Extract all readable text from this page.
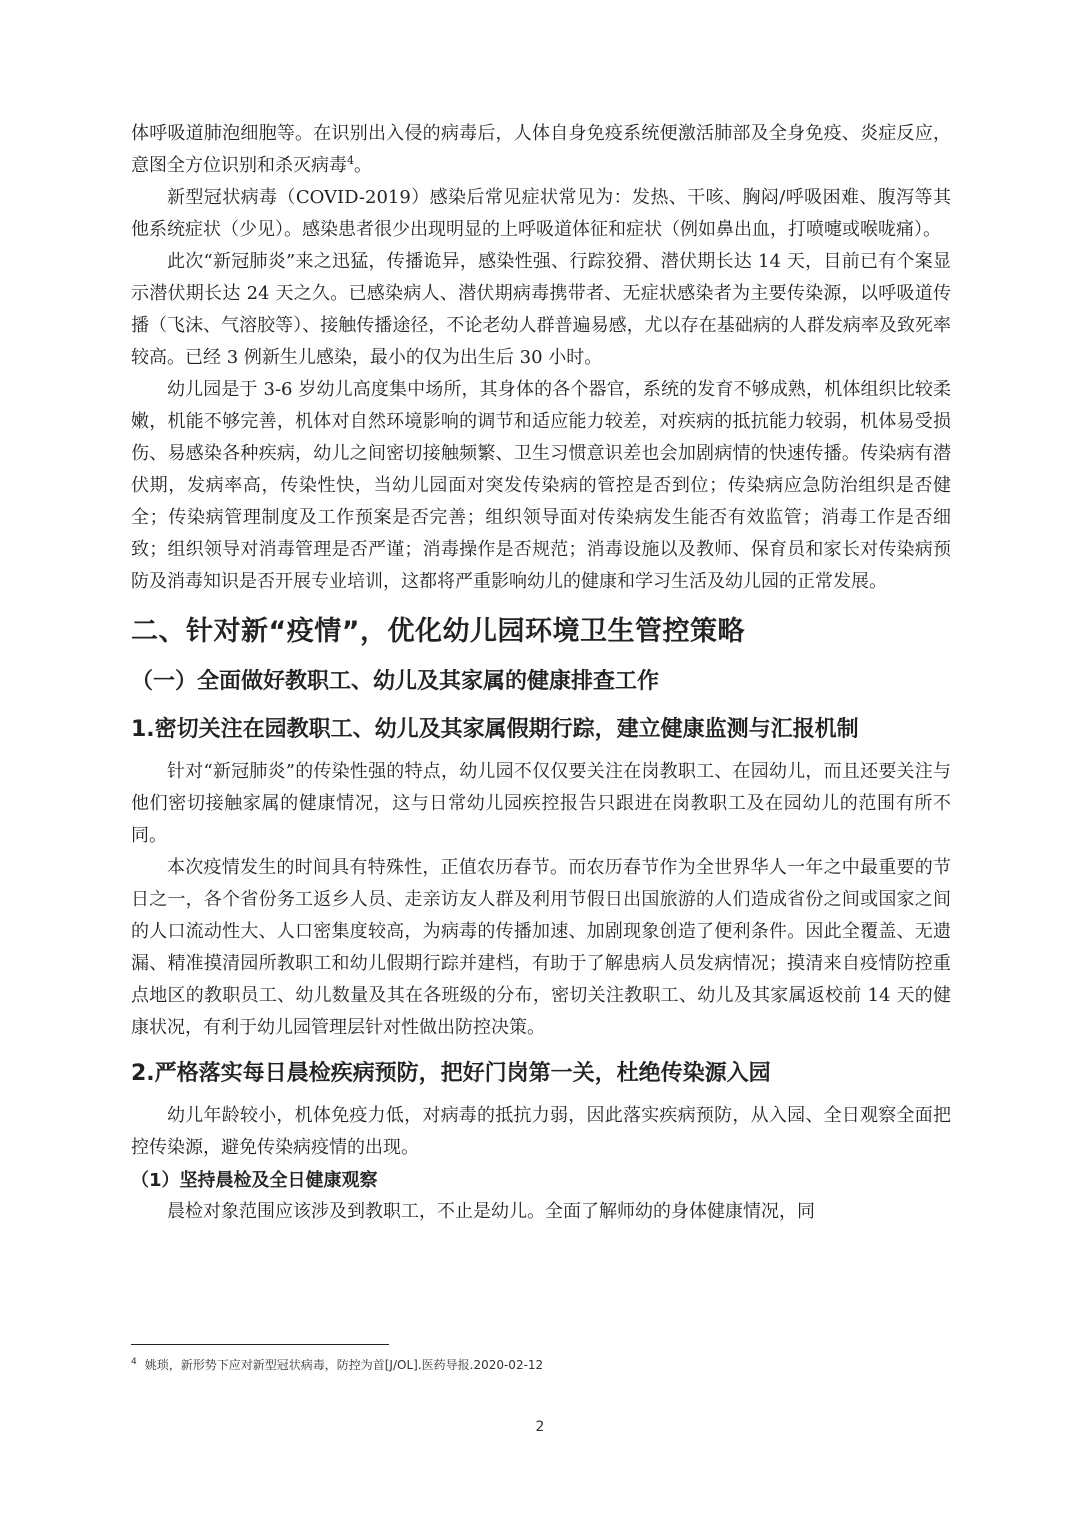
体呼吸道肺泡细胞等。在识别出入侵的病毒后，人体自身免疫系统便激活肺部及全身免疫、炎症反应，意图全方位识别和杀灭病毒$^4$。

新型冠状病毒（COVID-2019）感染后常见症状常见为：发热、干咳、胸闷/呼吸困难、腹泻等其他系统症状（少见）。感染患者很少出现明显的上呼吸道体征和症状（例如鼻出血，打喷嚏或喉咙痛）。

此次“新冠肺炎”来之迅猛，传播诡异，感染性强、行踪狡猾、潜伏期长达 14 天，目前已有个案显示潜伏期长达 24 天之久。已感染病人、潜伏期病毒携带者、无症状感染者为主要传染源，以呼吸道传播（飞沫、气溶胶等）、接触传播途径，不论老幼人群普遍易感，尤以存在基础病的人群发病率及致死率较高。已经 3 例新生儿感染，最小的仅为出生后 30 小时。

幼儿园是于 3-6 岁幼儿高度集中场所，其身体的各个器官，系统的发育不够成熟，机体组织比较柔嫩，机能不够完善，机体对自然环境影响的调节和适应能力较差，对疾病的抵抗能力较弱，机体易受损伤、易感染各种疾病，幼儿之间密切接触频繁、卫生习惯意识差也会加剧病情的快速传播。传染病有潜伏期，发病率高，传染性快，当幼儿园面对突发传染病的管控是否到位；传染病应急防治组织是否健全；传染病管理制度及工作预案是否完善；组织领导面对传染病发生能否有效监管；消毒工作是否细致；组织领导对消毒管理是否严谨；消毒操作是否规范；消毒设施以及教师、保育员和家长对传染病预防及消毒知识是否开展专业培训，这都将严重影响幼儿的健康和学习生活及幼儿园的正常发展。

二、针对新“疫情”，优化幼儿园环境卫生管控策略
（一）全面做好教职工、幼儿及其家属的健康排查工作
1.密切关注在园教职工、幼儿及其家属假期行踪，建立健康监测与汇报机制

针对“新冠肺炎”的传染性强的特点，幼儿园不仅仅要关注在岗教职工、在园幼儿，而且还要关注与他们密切接触家属的健康情况，这与日常幼儿园疾控报告只跟进在岗教职工及在园幼儿的范围有所不同。

本次疫情发生的时间具有特殊性，正值农历春节。而农历春节作为全世界华人一年之中最重要的节日之一，各个省份务工返乡人员、走亲访友人群及利用节假日出国旅游的人们造成省份之间或国家之间的人口流动性大、人口密集度较高，为病毒的传播加速、加剧现象创造了便利条件。因此全覆盖、无遗漏、精准摸清园所教职工和幼儿假期行踪并建档，有助于了解患病人员发病情况；摸清来自疫情防控重点地区的教职员工、幼儿数量及其在各班级的分布，密切关注教职工、幼儿及其家属返校前 14 天的健康状况，有利于幼儿园管理层针对性做出防控决策。

2.严格落实每日晨检疾病预防，把好门岗第一关，杜绝传染源入园

幼儿年龄较小，机体免疫力低，对病毒的抵抗力弱，因此落实疾病预防，从入园、全日观察全面把控传染源，避免传染病疫情的出现。

（1）坚持晨检及全日健康观察

晨检对象范围应该涉及到教职工，不止是幼儿。全面了解师幼的身体健康情况，同

$^4$ 姚琐，新形势下应对新型冠状病毒，防控为首[J/OL].医药导报.2020-02-12
2
